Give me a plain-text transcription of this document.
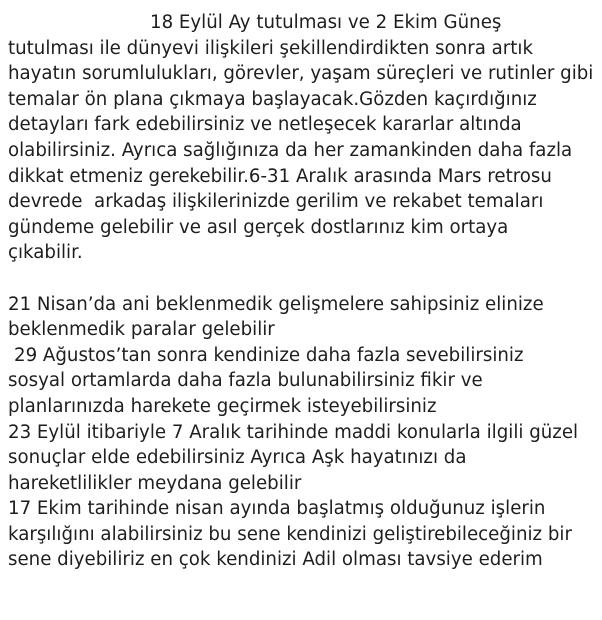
18 Eylül Ay tutulması ve 2 Ekim Güneş
tutulması ile dünyevi ilişkileri şekillendirdikten sonra artık
hayatın sorumlulukları, görevler, yaşam süreçleri ve rutinler gibi
temalar ön plana çıkmaya başlayacak.Gözden kaçırdığınız
detayları fark edebilirsiniz ve netleşecek kararlar altında
olabilirsiniz. Ayrıca sağlığınıza da her zamankinden daha fazla
dikkat etmeniz gerekebilir.6-31 Aralık arasında Mars retrosu
devrede  arkadaş ilişkilerinizde gerilim ve rekabet temaları
gündeme gelebilir ve asıl gerçek dostlarınız kim ortaya
çıkabilir.
21 Nisan’da ani beklenmedik gelişmelere sahipsiniz elinize
beklenmedik paralar gelebilir
29 Ağustos’tan sonra kendinize daha fazla sevebilirsiniz
sosyal ortamlarda daha fazla bulunabilirsiniz fikir ve
planlarınızda harekete geçirmek isteyebilirsiniz
23 Eylül itibariyle 7 Aralık tarihinde maddi konularla ilgili güzel
sonuçlar elde edebilirsiniz Ayrıca Aşk hayatınızı da
hareketlilikler meydana gelebilir
17 Ekim tarihinde nisan ayında başlatmış olduğunuz işlerin
karşılığını alabilirsiniz bu sene kendinizi geliştirebileceğiniz bir
sene diyebiliriz en çok kendinizi Adil olması tavsiye ederim
